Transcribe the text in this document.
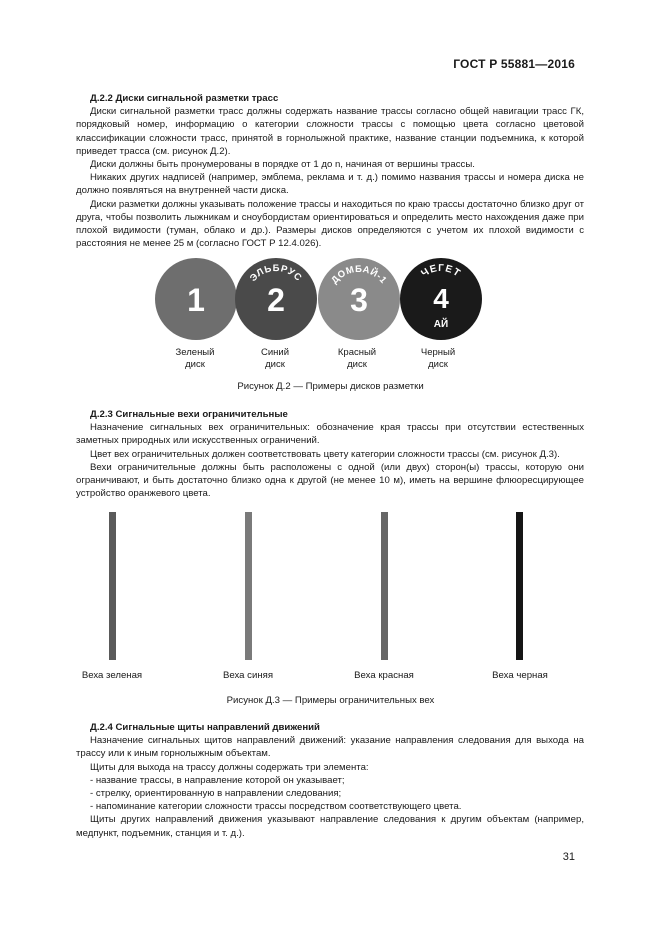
ГОСТ Р 55881—2016

Д.2.2 Диски сигнальной разметки трасс

Диски сигнальной разметки трасс должны содержать название трассы согласно общей навигации трасс ГК, порядковый номер, информацию о категории сложности трассы с помощью цвета согласно цветовой классификации сложности трасс, принятой в горнолыжной практике, название станции подъемника, к которой приведет трасса (см. рисунок Д.2).

Диски должны быть пронумерованы в порядке от 1 до n, начиная от вершины трассы.

Никаких других надписей (например, эмблема, реклама и т. д.) помимо названия трассы и номера диска не должно появляться на внутренней части диска.

Диски разметки должны указывать положение трассы и находиться по краю трассы достаточно близко друг от друга, чтобы позволить лыжникам и сноубордистам ориентироваться и определить место нахождения даже при плохой видимости (туман, облако и др.). Размеры дисков определяются с учетом их плохой видимости с расстояния не менее 25 м (согласно ГОСТ Р 12.4.026).

1
ЭЛЬБРУС
2
ДОМБАЙ-1
3
ЧЕГЕТ
4
АЙ
Зеленый
диск
Синий
диск
Красный
диск
Черный
диск
Рисунок Д.2 — Примеры дисков разметки

Д.2.3 Сигнальные вехи ограничительные

Назначение сигнальных вех ограничительных: обозначение края трассы при отсутствии естественных заметных природных или искусственных ограничений.

Цвет вех ограничительных должен соответствовать цвету категории сложности трассы (см. рисунок Д.3).

Вехи ограничительные должны быть расположены с одной (или двух) сторон(ы) трассы, которую они ограничивают, и быть достаточно близко одна к другой (не менее 10 м), иметь на вершине флюоресцирующее устройство оранжевого цвета.

Веха зеленая	Веха синяя	Веха красная	Веха черная
Рисунок Д.3 — Примеры ограничительных вех

Д.2.4 Сигнальные щиты направлений движений

Назначение сигнальных щитов направлений движений: указание направления следования для выхода на трассу или к иным горнолыжным объектам.

Щиты для выхода на трассу должны содержать три элемента:

- название трассы, в направление которой он указывает;

- стрелку, ориентированную в направлении следования;

- напоминание категории сложности трассы посредством соответствующего цвета.

Щиты других направлений движения указывают направление следования к другим объектам (например, медпункт, подъемник, станция и т. д.).

31
